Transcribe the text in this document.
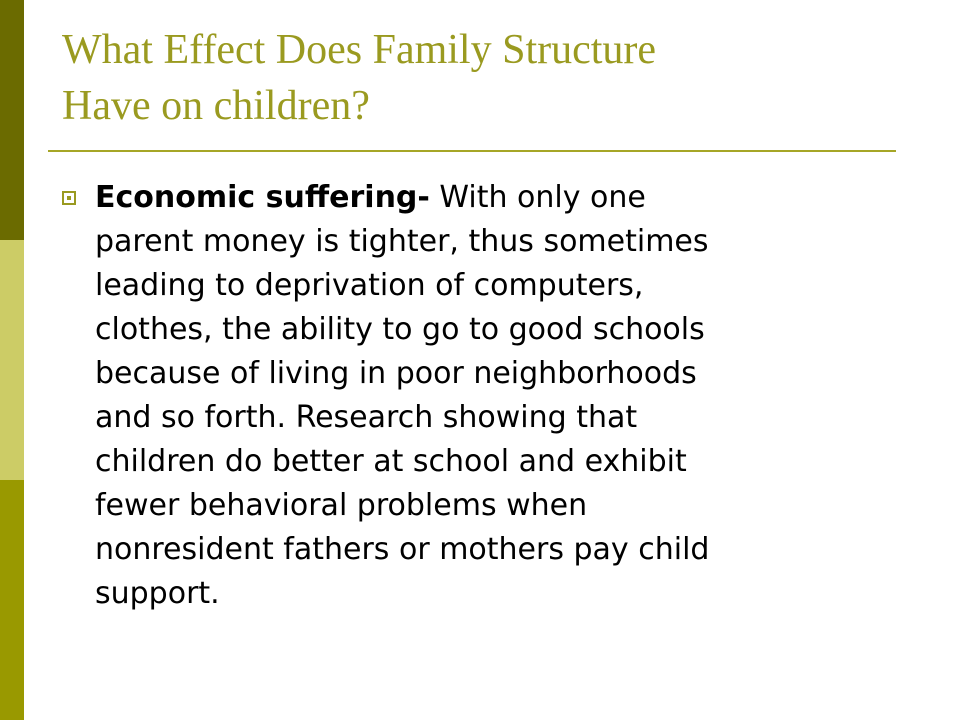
What Effect Does Family Structure
Have on children?

Economic suffering- With only one
parent money is tighter, thus sometimes
leading to deprivation of computers,
clothes, the ability to go to good schools
because of living in poor neighborhoods
and so forth. Research showing that
children do better at school and exhibit
fewer behavioral problems when
nonresident fathers or mothers pay child
support.
